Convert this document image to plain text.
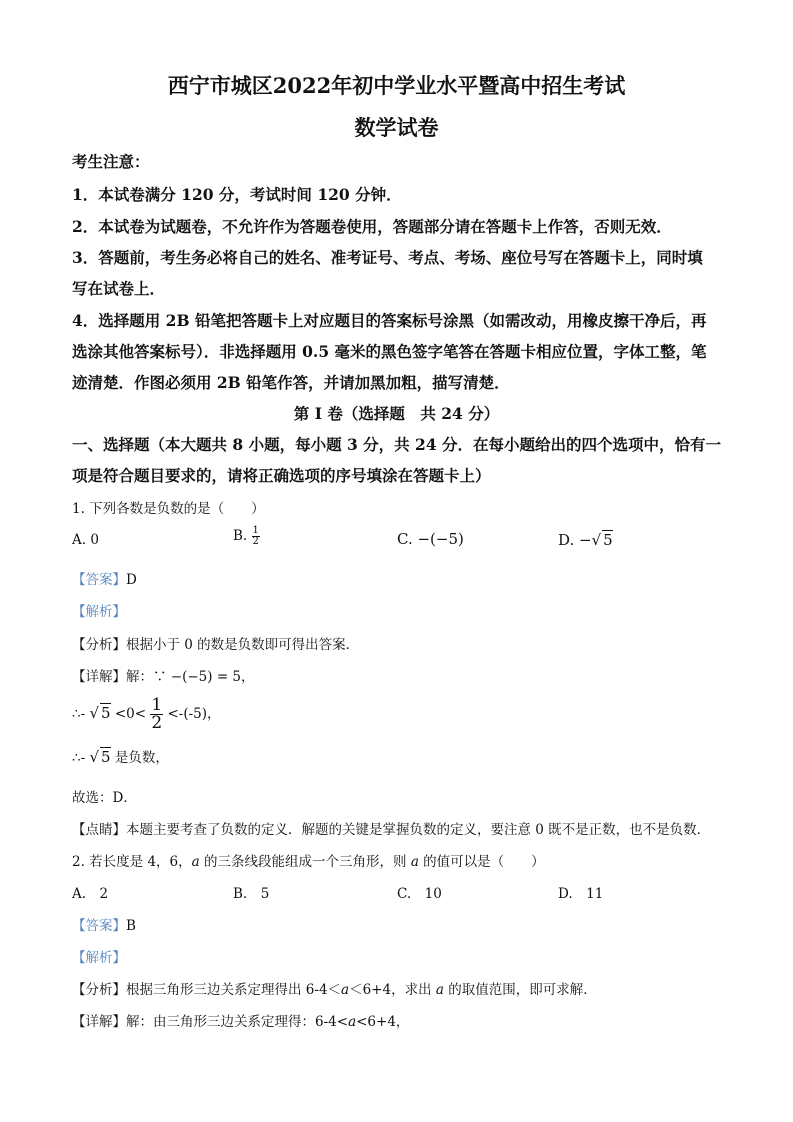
西宁市城区2022年初中学业水平暨高中招生考试
数学试卷
考生注意：
1．本试卷满分 120 分，考试时间 120 分钟．
2．本试卷为试题卷，不允许作为答题卷使用，答题部分请在答题卡上作答，否则无效．
3．答题前，考生务必将自己的姓名、准考证号、考点、考场、座位号写在答题卡上，同时填
写在试卷上．
4．选择题用 2B 铅笔把答题卡上对应题目的答案标号涂黑（如需改动，用橡皮擦干净后，再
选涂其他答案标号）．非选择题用 0.5 毫米的黑色签字笔答在答题卡相应位置，字体工整，笔
迹清楚．作图必须用 2B 铅笔作答，并请加黑加粗，描写清楚．
第 I 卷（选择题　共 24 分）
一、选择题（本大题共 8 小题，每小题 3 分，共 24 分．在每小题给出的四个选项中，恰有一
项是符合题目要求的，请将正确选项的序号填涂在答题卡上）
1. 下列各数是负数的是（　　）
A. 0	B. $\frac{1}{2}$	C. −(−5)	D. −√ 5
【答案】D
【解析】
【分析】根据小于 0 的数是负数即可得出答案．
【详解】解：∵ −(−5) = 5，
∴- √ $5 <0< \frac{1}{2} <-(-5)$，
∴- √ 5 是负数，
故选：D．
【点睛】本题主要考查了负数的定义．解题的关键是掌握负数的定义，要注意 0 既不是正数，也不是负数．
2. 若长度是 4，6，a 的三条线段能组成一个三角形，则 a 的值可以是（　　）
A.　2	B.　5	C.　10	D.　11
【答案】B
【解析】
【分析】根据三角形三边关系定理得出 6-4＜a＜6+4，求出 a 的取值范围，即可求解．
【详解】解：由三角形三边关系定理得：6-4<a<6+4，
